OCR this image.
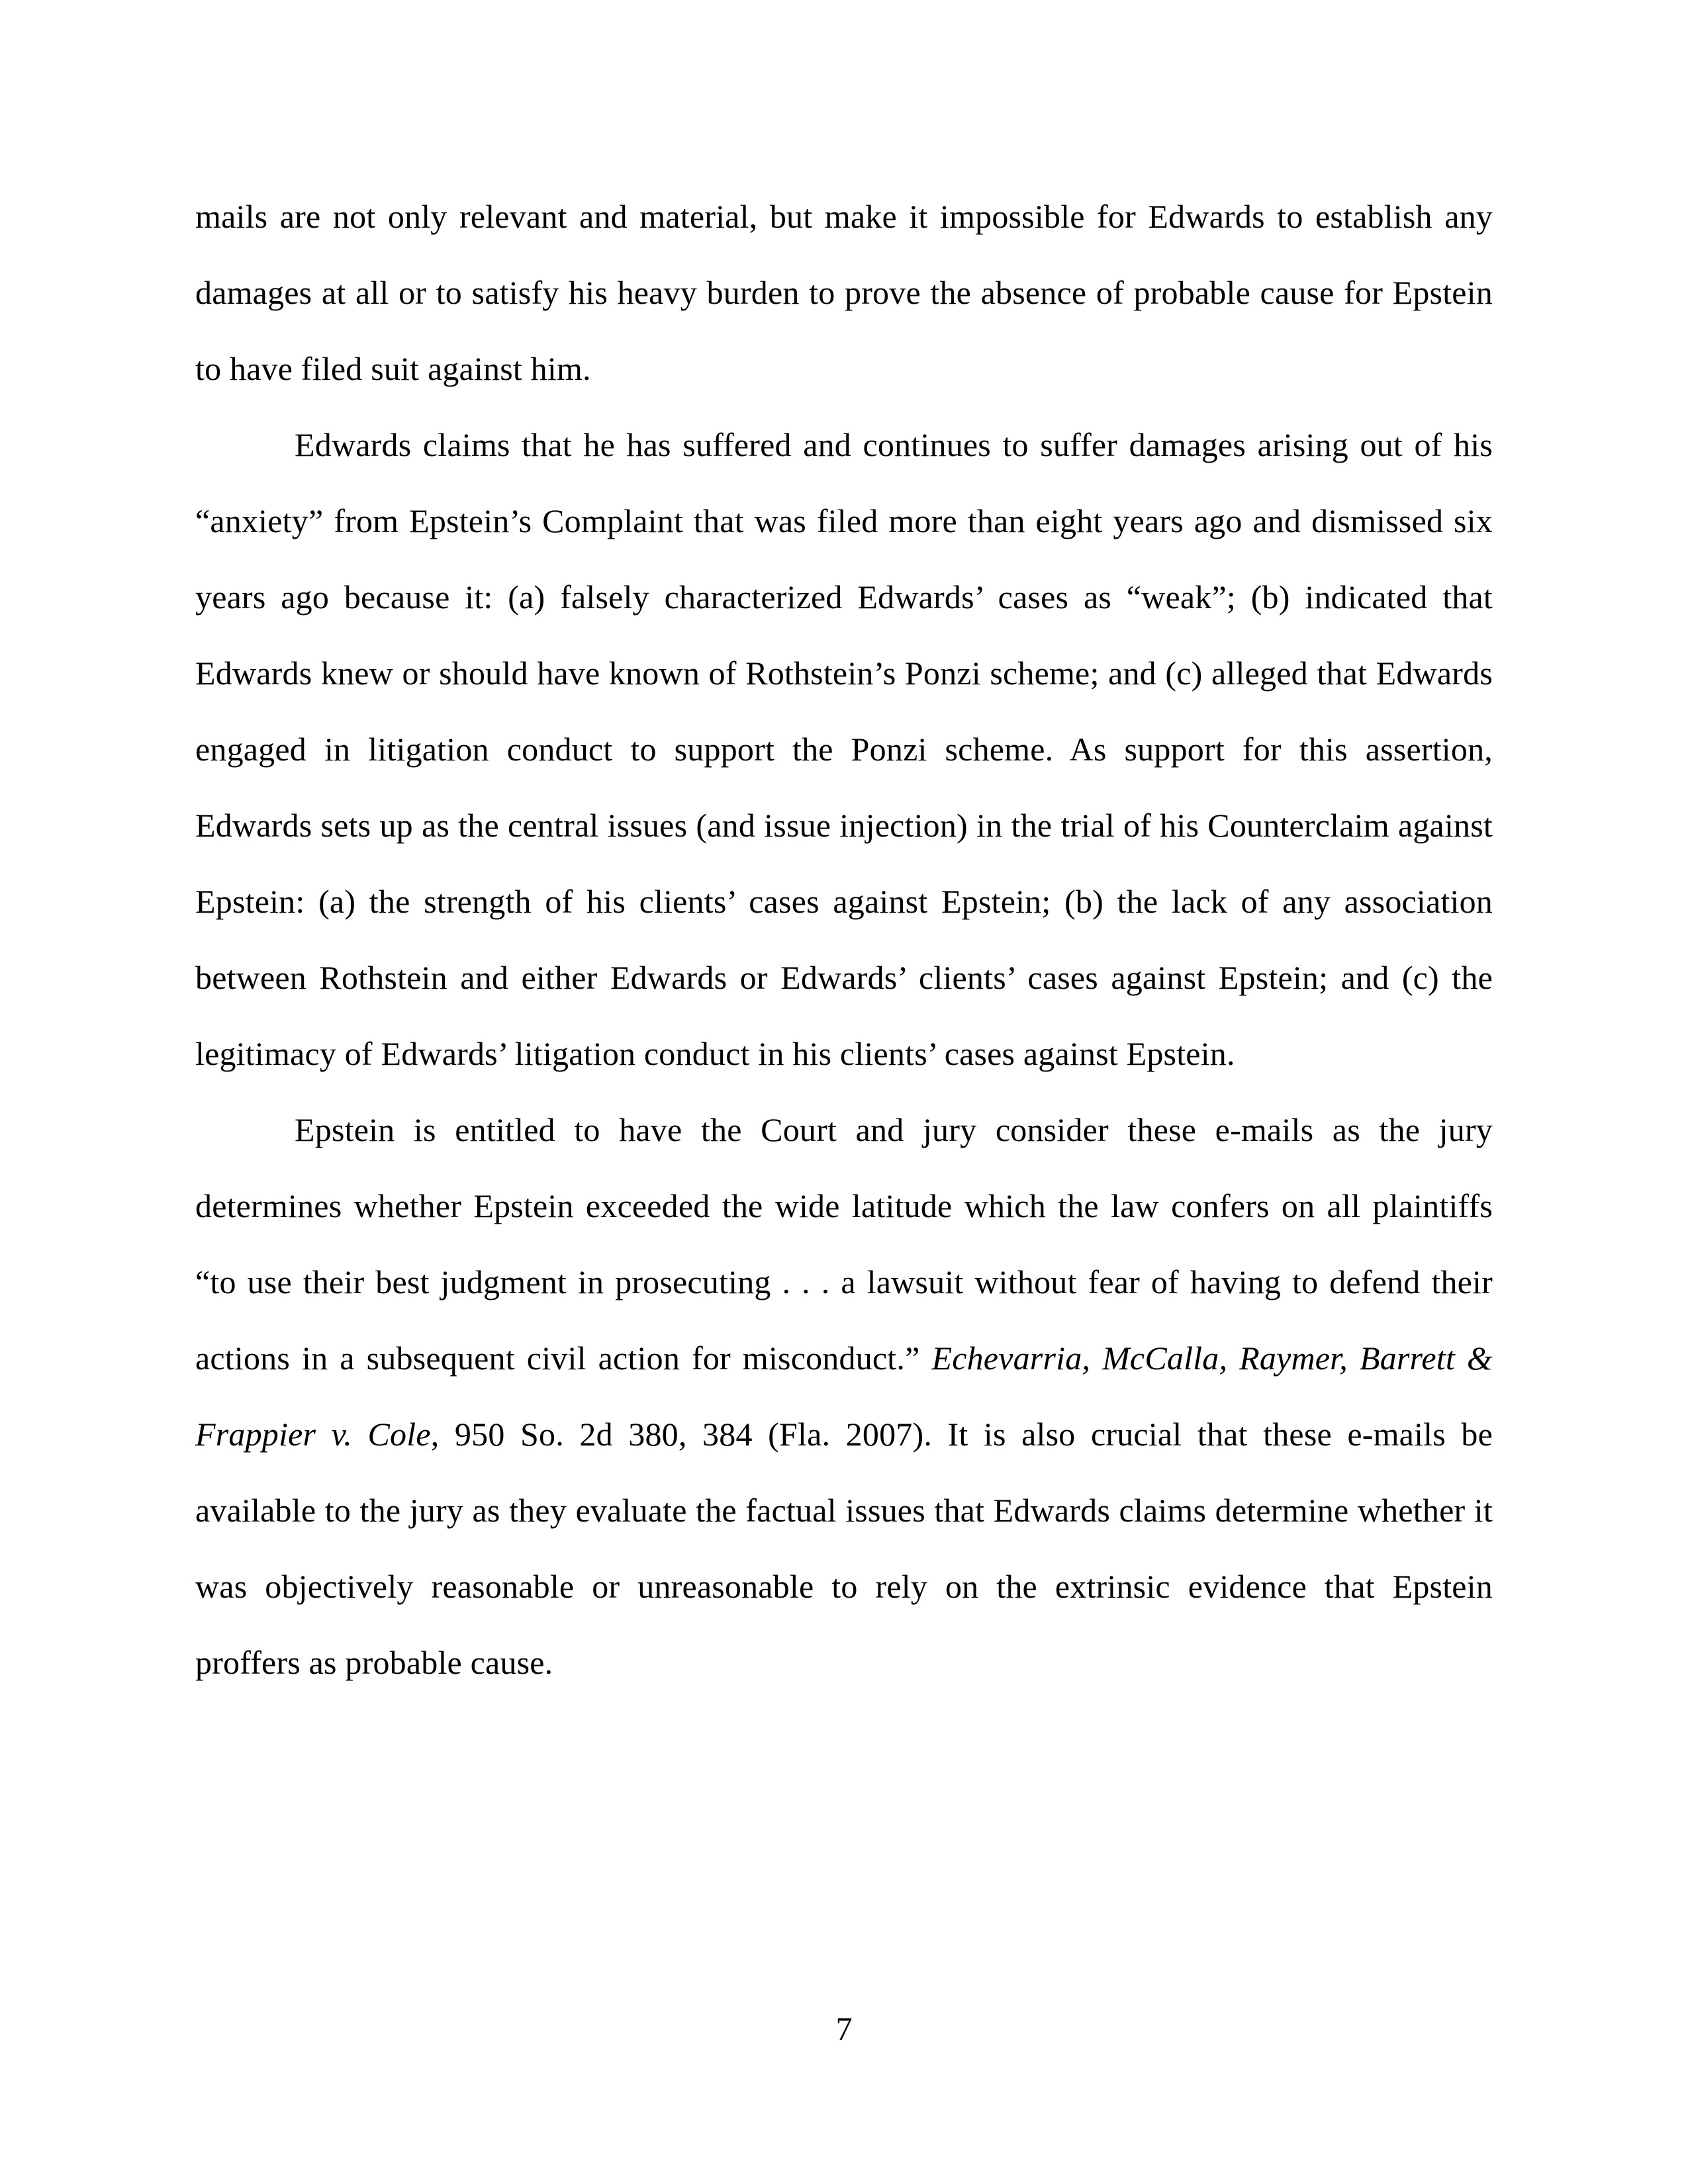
mails are not only relevant and material, but make it impossible for Edwards to establish any damages at all or to satisfy his heavy burden to prove the absence of probable cause for Epstein to have filed suit against him.

Edwards claims that he has suffered and continues to suffer damages arising out of his “anxiety” from Epstein’s Complaint that was filed more than eight years ago and dismissed six years ago because it: (a) falsely characterized Edwards’ cases as “weak”; (b) indicated that Edwards knew or should have known of Rothstein’s Ponzi scheme; and (c) alleged that Edwards engaged in litigation conduct to support the Ponzi scheme. As support for this assertion, Edwards sets up as the central issues (and issue injection) in the trial of his Counterclaim against Epstein: (a) the strength of his clients’ cases against Epstein; (b) the lack of any association between Rothstein and either Edwards or Edwards’ clients’ cases against Epstein; and (c) the legitimacy of Edwards’ litigation conduct in his clients’ cases against Epstein.

Epstein is entitled to have the Court and jury consider these e-mails as the jury determines whether Epstein exceeded the wide latitude which the law confers on all plaintiffs “to use their best judgment in prosecuting . . . a lawsuit without fear of having to defend their actions in a subsequent civil action for misconduct.” Echevarria, McCalla, Raymer, Barrett & Frappier v. Cole, 950 So. 2d 380, 384 (Fla. 2007). It is also crucial that these e-mails be available to the jury as they evaluate the factual issues that Edwards claims determine whether it was objectively reasonable or unreasonable to rely on the extrinsic evidence that Epstein proffers as probable cause.

7
